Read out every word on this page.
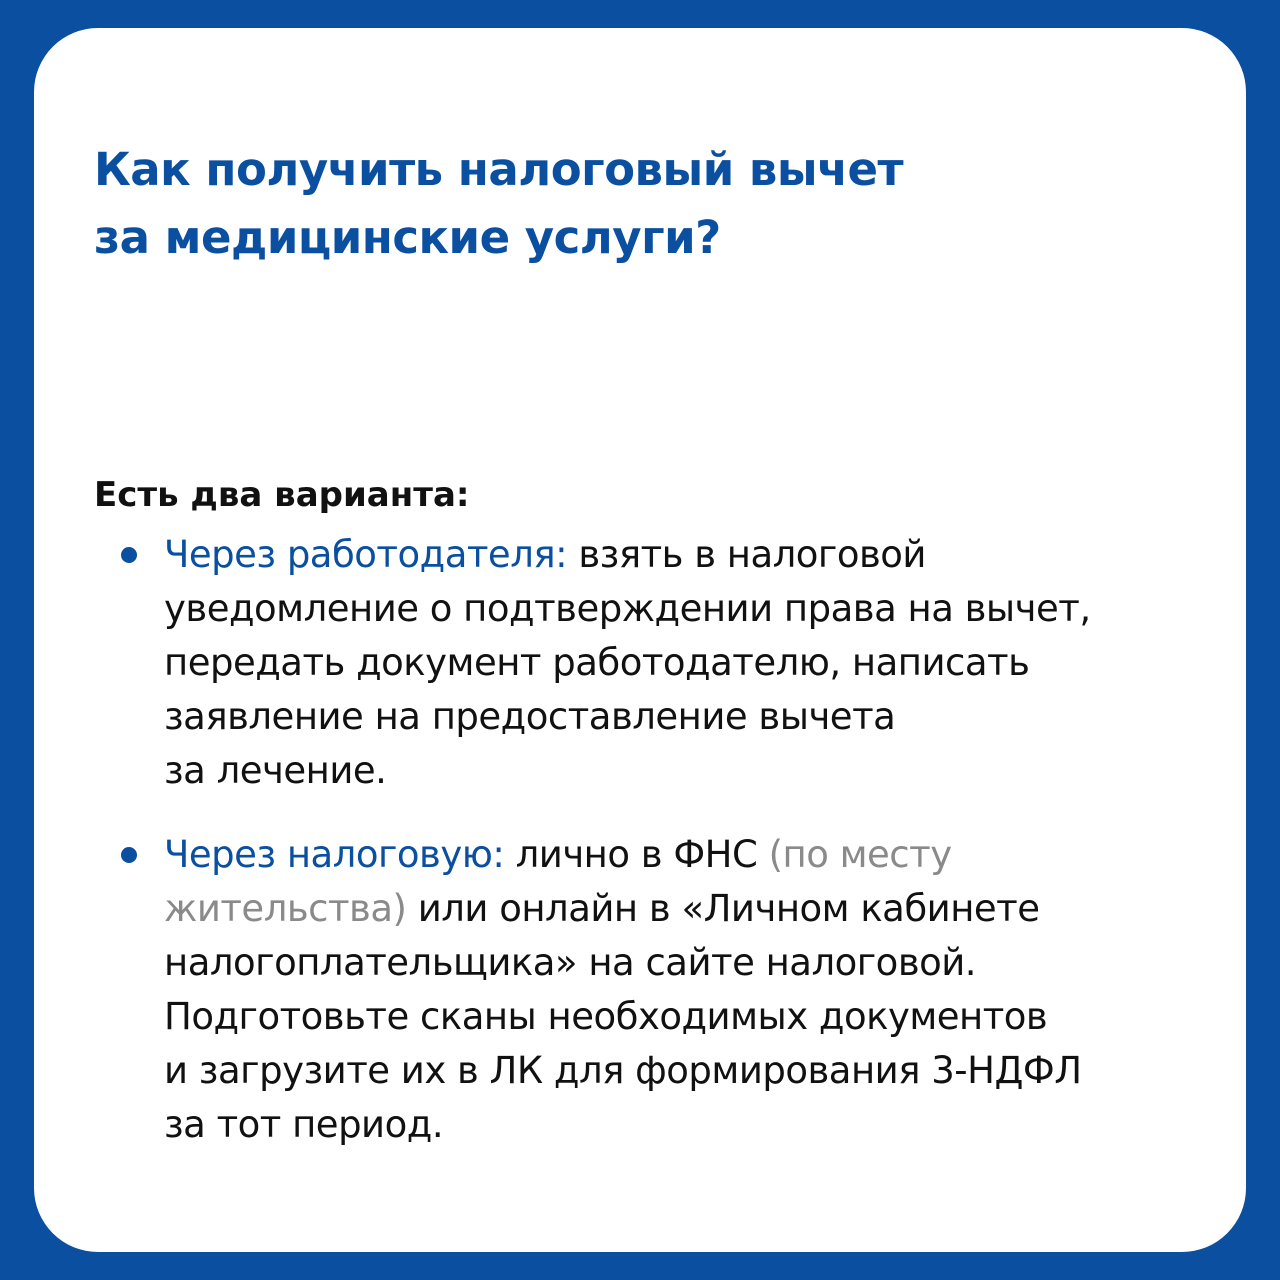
Как получить налоговый вычет
за медицинские услуги?

Есть два варианта:

Через работодателя: взять в налоговой
уведомление о подтверждении права на вычет,
передать документ работодателю, написать
заявление на предоставление вычета
за лечение.
Через налоговую: лично в ФНС (по месту
жительства) или онлайн в «Личном кабинете
налогоплательщика» на сайте налоговой.
Подготовьте сканы необходимых документов
и загрузите их в ЛК для формирования 3-НДФЛ
за тот период.
